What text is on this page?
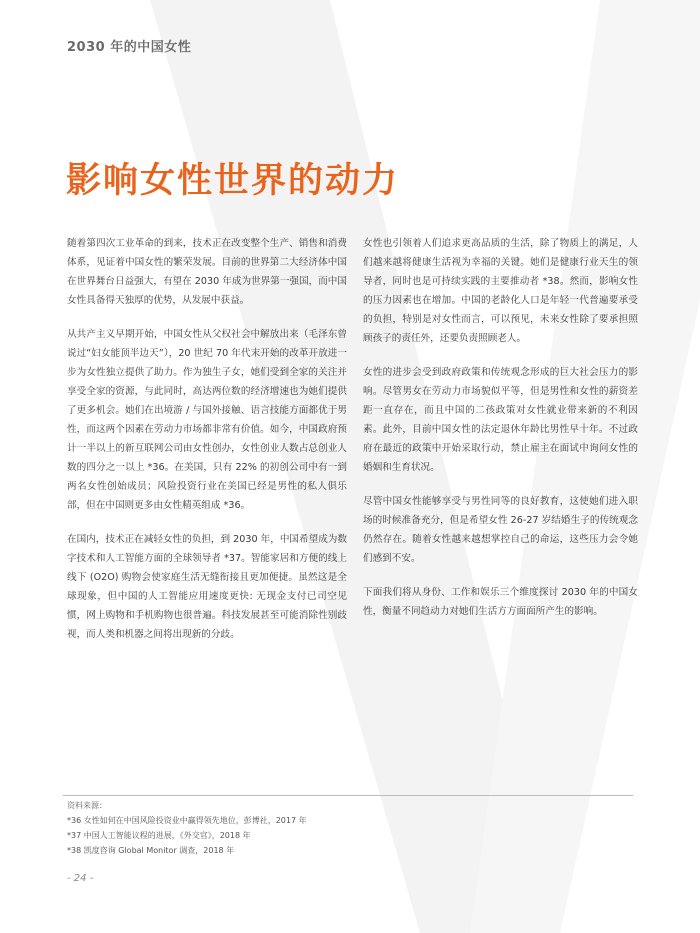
2030 年的中国女性
影响女性世界的动力

随着第四次工业革命的到来，技术正在改变整个生产、销售和消费体系，见证着中国女性的繁荣发展。目前的世界第二大经济体中国在世界舞台日益强大，有望在 2030 年成为世界第一强国，而中国女性具备得天独厚的优势，从发展中获益。

从共产主义早期开始，中国女性从父权社会中解放出来（毛泽东曾说过“妇女能顶半边天”），20 世纪 70 年代末开始的改革开放进一步为女性独立提供了助力。作为独生子女，她们受到全家的关注并享受全家的资源，与此同时，高达两位数的经济增速也为她们提供了更多机会。她们在出境游 / 与国外接触、语言技能方面都优于男性，而这两个因素在劳动力市场都非常有价值。如今，中国政府预计一半以上的新互联网公司由女性创办，女性创业人数占总创业人数的四分之一以上 *36。在美国，只有 22% 的初创公司中有一到两名女性创始成员；风险投资行业在美国已经是男性的私人俱乐部，但在中国则更多由女性精英组成 *36。

在国内，技术正在减轻女性的负担，到 2030 年，中国希望成为数字技术和人工智能方面的全球领导者 *37。智能家居和方便的线上线下 (O2O) 购物会使家庭生活无缝衔接且更加便捷。虽然这是全球现象，但中国的人工智能应用速度更快: 无现金支付已司空见惯，网上购物和手机购物也很普遍。科技发展甚至可能消除性别歧视，而人类和机器之间将出现新的分歧。

女性也引领着人们追求更高品质的生活，除了物质上的满足，人们越来越将健康生活视为幸福的关键。她们是健康行业天生的领导者，同时也是可持续实践的主要推动者 *38。然而，影响女性的压力因素也在增加。中国的老龄化人口是年轻一代普遍要承受的负担，特别是对女性而言，可以预见，未来女性除了要承担照顾孩子的责任外，还要负责照顾老人。

女性的进步会受到政府政策和传统观念形成的巨大社会压力的影响。尽管男女在劳动力市场貌似平等，但是男性和女性的薪资差距一直存在，而且中国的二孩政策对女性就业带来新的不利因素。此外，目前中国女性的法定退休年龄比男性早十年。不过政府在最近的政策中开始采取行动，禁止雇主在面试中询问女性的婚姻和生育状况。

尽管中国女性能够享受与男性同等的良好教育，这使她们进入职场的时候准备充分，但是希望女性 26-27 岁结婚生子的传统观念仍然存在。随着女性越来越想掌控自己的命运，这些压力会令她们感到不安。

下面我们将从身份、工作和娱乐三个维度探讨 2030 年的中国女性，衡量不同趋动力对她们生活方方面面所产生的影响。

资料来源：
*36 女性如何在中国风险投资业中赢得领先地位，彭博社，2017 年
*37 中国人工智能议程的进展，《外交官》，2018 年
*38 凯度咨询 Global Monitor 调查，2018 年
- 24 -
